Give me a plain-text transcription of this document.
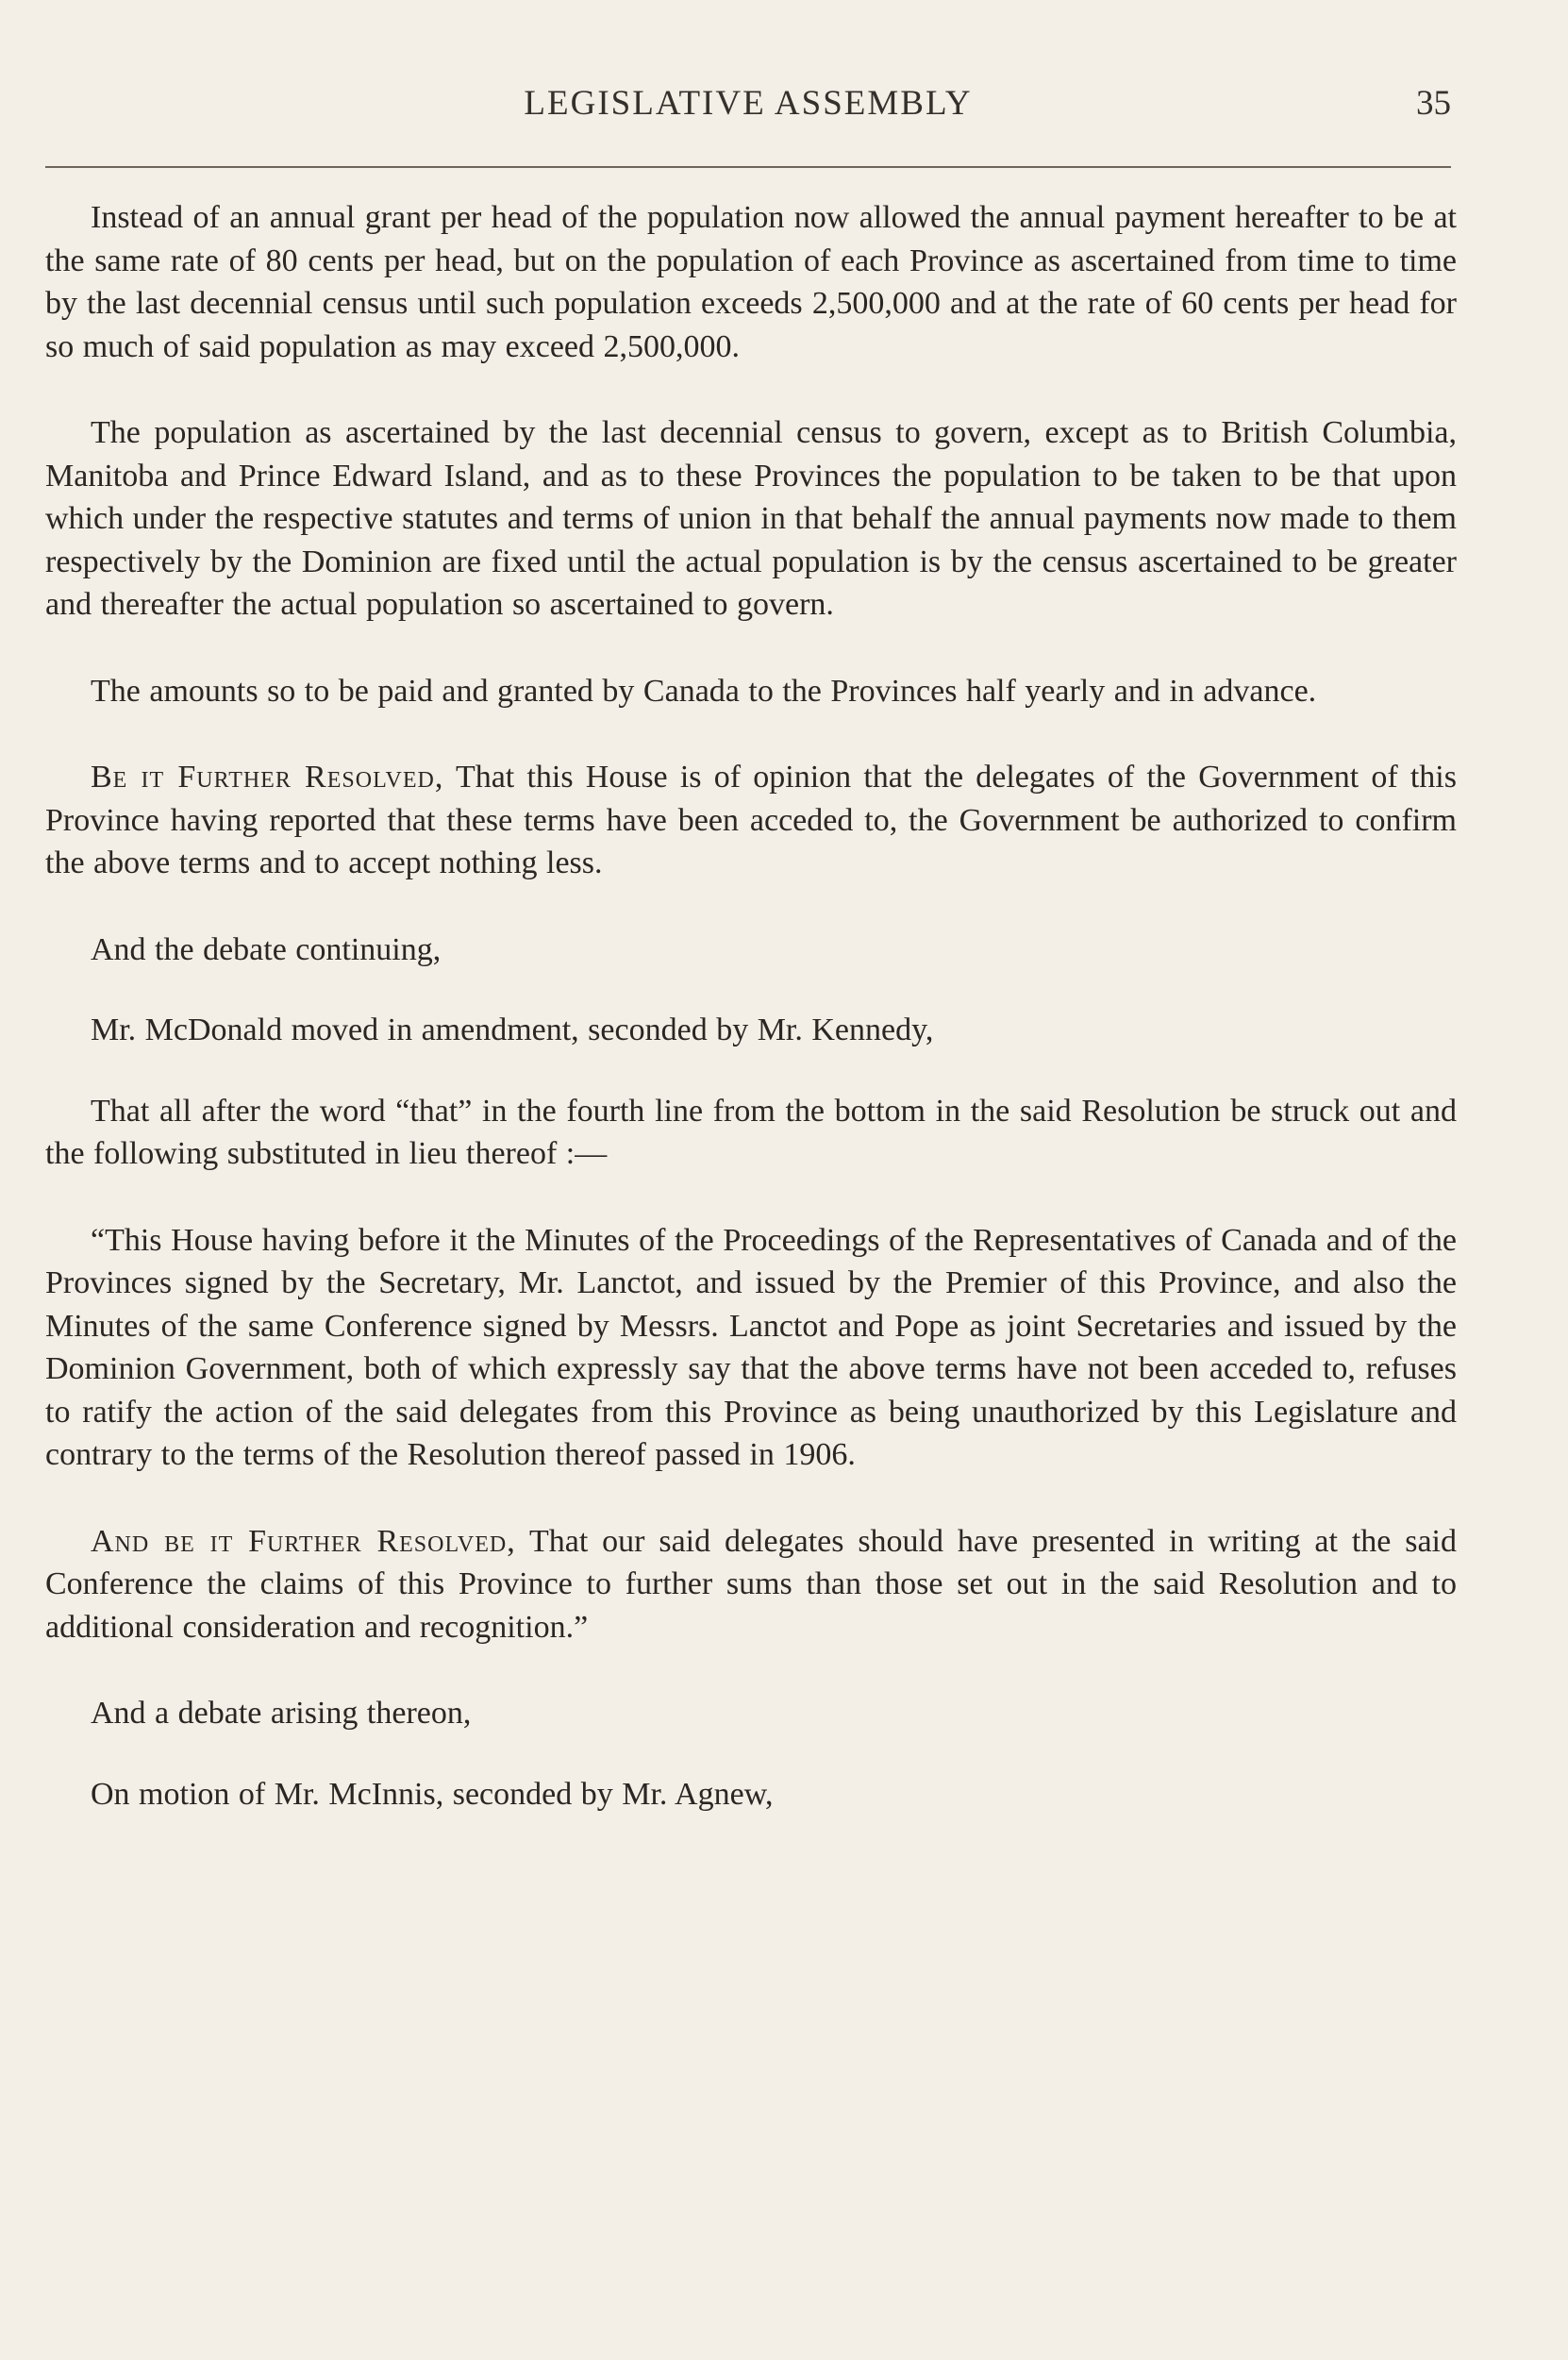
LEGISLATIVE ASSEMBLY	35

Instead of an annual grant per head of the population now allowed the annual payment hereafter to be at the same rate of 80 cents per head, but on the population of each Province as ascertained from time to time by the last decennial census until such population exceeds 2,500,000 and at the rate of 60 cents per head for so much of said population as may exceed 2,500,000.

The population as ascertained by the last decennial census to govern, except as to British Columbia, Manitoba and Prince Edward Island, and as to these Provinces the population to be taken to be that upon which under the respective statutes and terms of union in that behalf the annual payments now made to them respectively by the Dominion are fixed until the actual population is by the census ascertained to be greater and thereafter the actual population so ascertained to govern.

The amounts so to be paid and granted by Canada to the Provinces half yearly and in advance.

Be it Further Resolved, That this House is of opinion that the delegates of the Government of this Province having reported that these terms have been acceded to, the Government be authorized to confirm the above terms and to accept nothing less.

And the debate continuing,

Mr. McDonald moved in amendment, seconded by Mr. Kennedy,

That all after the word “that” in the fourth line from the bottom in the said Resolution be struck out and the following substituted in lieu thereof :—

“This House having before it the Minutes of the Proceedings of the Representatives of Canada and of the Provinces signed by the Secretary, Mr. Lanctot, and issued by the Premier of this Province, and also the Minutes of the same Conference signed by Messrs. Lanctot and Pope as joint Secretaries and issued by the Dominion Government, both of which expressly say that the above terms have not been acceded to, refuses to ratify the action of the said delegates from this Province as being unauthorized by this Legislature and contrary to the terms of the Resolution thereof passed in 1906.

And be it Further Resolved, That our said delegates should have presented in writing at the said Conference the claims of this Province to further sums than those set out in the said Resolution and to additional consideration and recognition.”

And a debate arising thereon,

On motion of Mr. McInnis, seconded by Mr. Agnew,
